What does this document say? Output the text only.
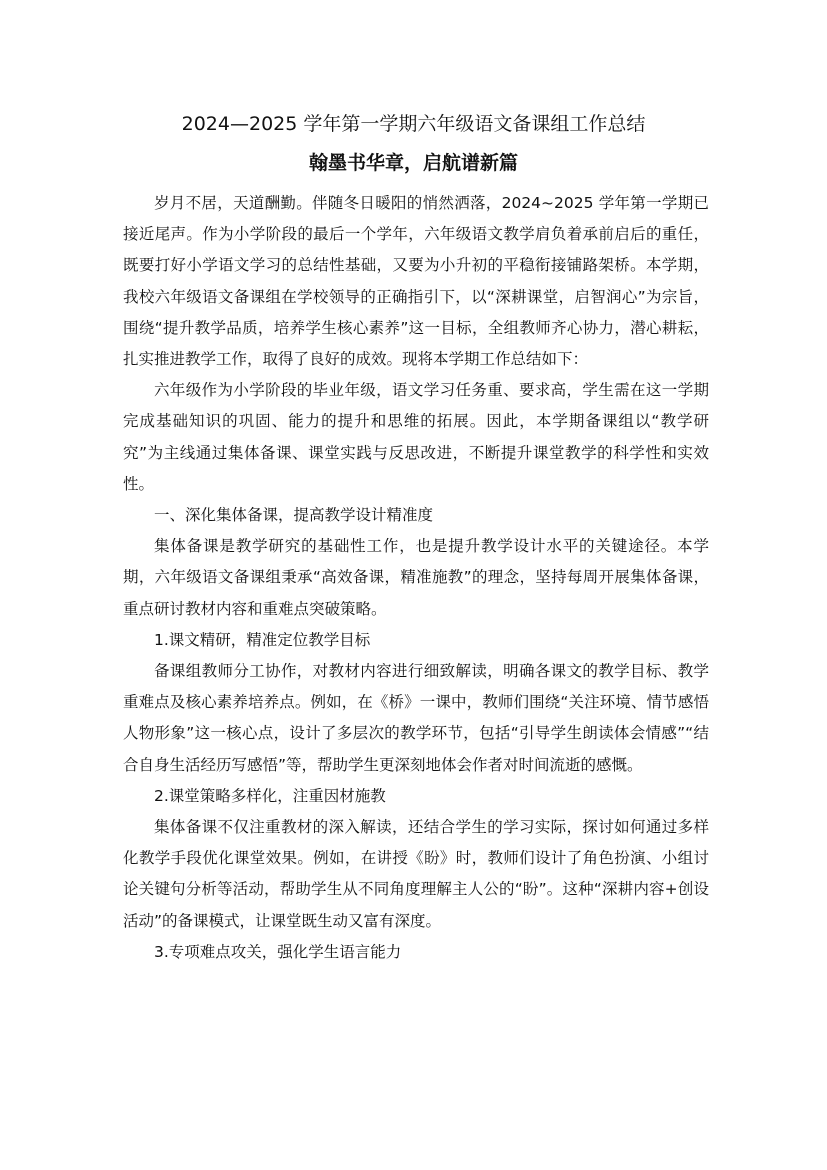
2024—2025 学年第一学期六年级语文备课组工作总结
翰墨书华章，启航谱新篇

岁月不居，天道酬勤。伴随冬日暖阳的悄然洒落，2024~2025 学年第一学期已接近尾声。作为小学阶段的最后一个学年，六年级语文教学肩负着承前启后的重任，既要打好小学语文学习的总结性基础，又要为小升初的平稳衔接铺路架桥。本学期，我校六年级语文备课组在学校领导的正确指引下，以“深耕课堂，启智润心”为宗旨，围绕“提升教学品质，培养学生核心素养”这一目标，全组教师齐心协力，潜心耕耘，扎实推进教学工作，取得了良好的成效。现将本学期工作总结如下：

六年级作为小学阶段的毕业年级，语文学习任务重、要求高，学生需在这一学期完成基础知识的巩固、能力的提升和思维的拓展。因此，本学期备课组以“教学研究”为主线通过集体备课、课堂实践与反思改进，不断提升课堂教学的科学性和实效性。

一、深化集体备课，提高教学设计精准度

集体备课是教学研究的基础性工作，也是提升教学设计水平的关键途径。本学期，六年级语文备课组秉承“高效备课，精准施教”的理念，坚持每周开展集体备课，重点研讨教材内容和重难点突破策略。

1.课文精研，精准定位教学目标

备课组教师分工协作，对教材内容进行细致解读，明确各课文的教学目标、教学重难点及核心素养培养点。例如，在《桥》一课中，教师们围绕“关注环境、情节感悟人物形象”这一核心点，设计了多层次的教学环节，包括“引导学生朗读体会情感”“结合自身生活经历写感悟”等，帮助学生更深刻地体会作者对时间流逝的感慨。

2.课堂策略多样化，注重因材施教

集体备课不仅注重教材的深入解读，还结合学生的学习实际，探讨如何通过多样化教学手段优化课堂效果。例如，在讲授《盼》时，教师们设计了角色扮演、小组讨论关键句分析等活动，帮助学生从不同角度理解主人公的“盼”。这种“深耕内容+创设活动”的备课模式，让课堂既生动又富有深度。

3.专项难点攻关，强化学生语言能力
